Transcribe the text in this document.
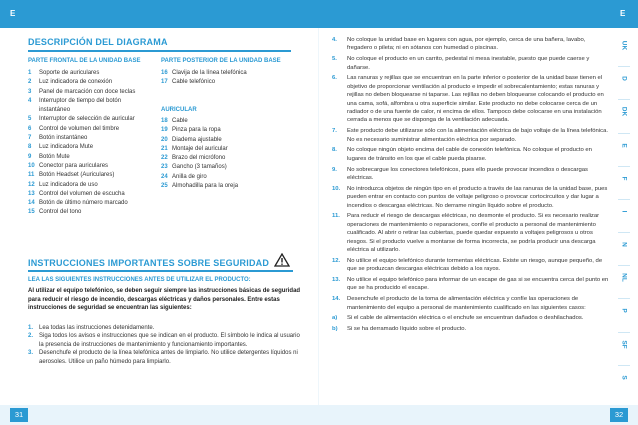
E	E
DESCRIPCIÓN DEL DIAGRAMA
PARTE FRONTAL DE LA UNIDAD BASE
1	Soporte de auriculares
2	Luz indicadora de conexión
3	Panel de marcación con doce teclas
4	Interruptor de tiempo del botón
instantáneo
5	Interruptor de selección de auricular
6	Control de volumen del timbre
7	Botón instantáneo
8	Luz indicadora Mute
9	Botón Mute
10 Conector para auriculares
11 Botón Headset (Auriculares)
12 Luz indicadora de uso
13 Control del volumen de escucha
14 Botón de último número marcado
15 Control del tono
PARTE POSTERIOR DE LA UNIDAD BASE
16 Clavija de la línea telefónica
17 Cable telefónico
AURICULAR
18 Cable
19 Pinza para la ropa
20 Diadema ajustable
21 Montaje del auricular
22 Brazo del micrófono
23 Gancho (3 tamaños)
24 Anilla de giro
25 Almohadilla para la oreja
INSTRUCCIONES IMPORTANTES SOBRE SEGURIDAD
LEA LAS SIGUIENTES INSTRUCCIONES ANTES DE UTILIZAR EL PRODUCTO:
Al utilizar el equipo telefónico, se deben seguir siempre las instrucciones básicas de seguridad para reducir el riesgo de incendio, descargas eléctricas y daños personales. Entre estas instrucciones de seguridad se encuentran las siguientes:
1. Lea todas las instrucciones detenidamente.
2. Siga todos los avisos e instrucciones que se indican en el producto. El símbolo le indica al usuario la presencia de instrucciones de mantenimiento y funcionamiento importantes.
3. Desenchufe el producto de la línea telefónica antes de limpiarlo. No utilice detergentes líquidos ni aerosoles. Utilice un paño húmedo para limpiarlo.
4.	No coloque la unidad base en lugares con agua, por ejemplo, cerca de una bañera, lavabo, fregadero o pileta; ni en sótanos con humedad o piscinas.
5.	No coloque el producto en un carrito, pedestal ni mesa inestable, puesto que puede caerse y dañarse.
6.	Las ranuras y rejillas que se encuentran en la parte inferior o posterior de la unidad base tienen el objetivo de proporcionar ventilación al producto e impedir el sobrecalentamiento; estas ranuras y rejillas no deben bloquearse ni taparse. Las rejillas no deben bloquearse colocando el producto en una cama, sofá, alfombra u otra superficie similar. Este producto no debe colocarse cerca de un radiador o de una fuente de calor, ni encima de ellos. Tampoco debe colocarse en una instalación cerrada a menos que se disponga de la ventilación adecuada.
7.	Este producto debe utilizarse sólo con la alimentación eléctrica de bajo voltaje de la línea telefónica. No es necesario suministrar alimentación eléctrica por separado.
8.	No coloque ningún objeto encima del cable de conexión telefónica. No coloque el producto en lugares de tránsito en los que el cable pueda pisarse.
9.	No sobrecargue los conectores telefónicos, pues ello puede provocar incendios o descargas eléctricas.
10.	No introduzca objetos de ningún tipo en el producto a través de las ranuras de la unidad base, pues pueden entrar en contacto con puntos de voltaje peligroso o provocar cortocircuitos y dar lugar a incendios o descargas eléctricas. No derrame ningún líquido sobre el producto.
11.	Para reducir el riesgo de descargas eléctricas, no desmonte el producto. Si es necesario realizar operaciones de mantenimiento o reparaciones, confíe el producto a personal de mantenimiento cualificado. Al abrir o retirar las cubiertas, puede quedar expuesto a voltajes peligrosos u otros riesgos. Si el producto vuelve a montarse de forma incorrecta, se podría producir una descarga eléctrica al utilizarlo.
12.	No utilice el equipo telefónico durante tormentas eléctricas. Existe un riesgo, aunque pequeño, de que se produzcan descargas eléctricas debido a los rayos.
13.	No utilice el equipo telefónico para informar de un escape de gas si se encuentra cerca del punto en que se ha producido el escape.
14.	Desenchufe el producto de la toma de alimentación eléctrica y confíe las operaciones de mantenimiento del equipo a personal de mantenimiento cualificado en las siguientes casos:
a)	Si el cable de alimentación eléctrica o el enchufe se encuentran dañados o deshilachados.
b)	Si se ha derramado líquido sobre el producto.
UK
D
DK
E
F
I
N
NL
P
SF
S
31	32
